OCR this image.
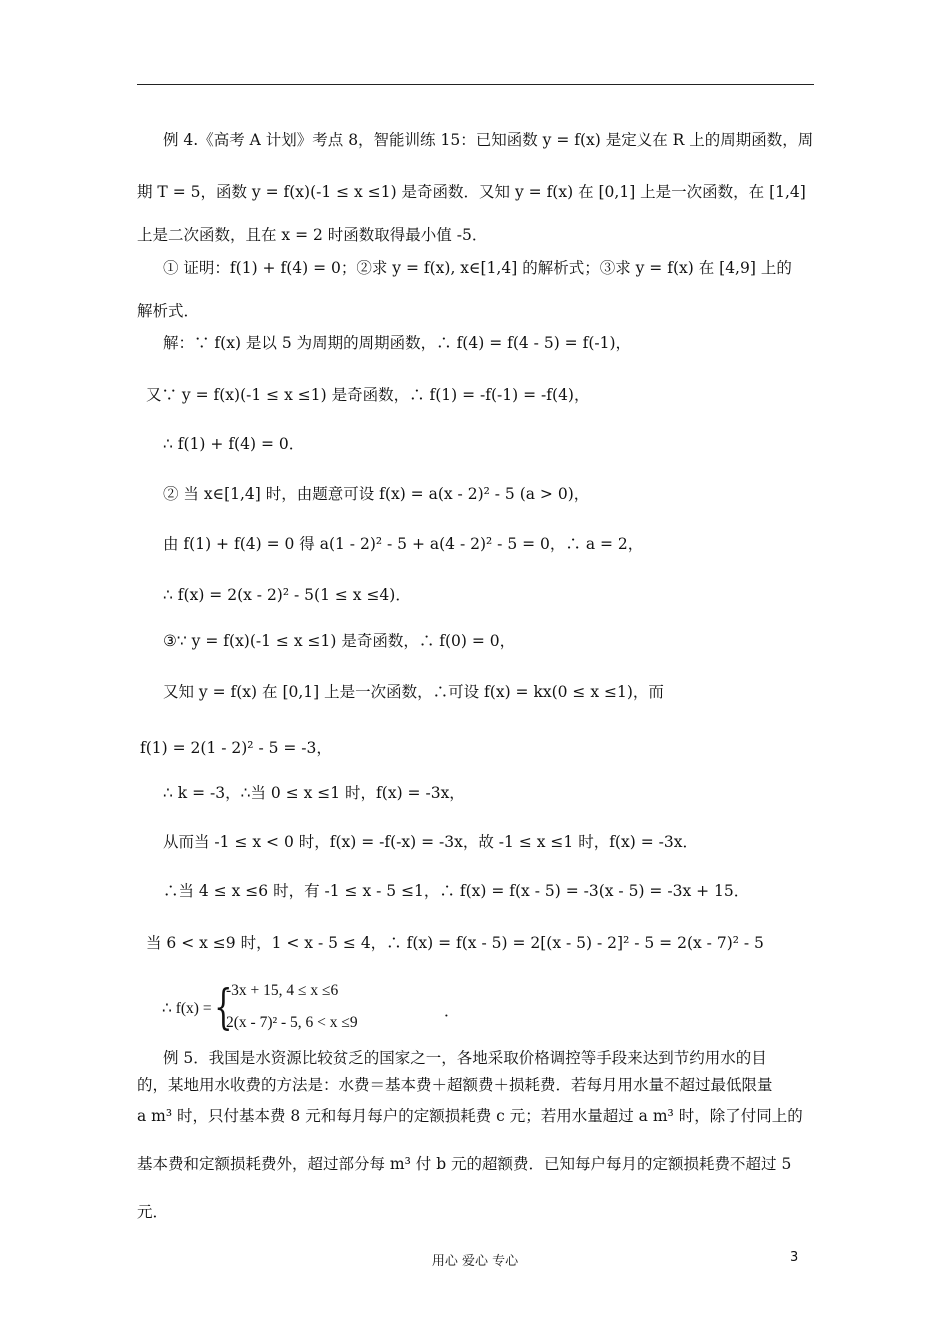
例 4.《高考 A 计划》考点 8，智能训练 15：已知函数 y = f(x) 是定义在 R 上的周期函数，周
期 T = 5，函数 y = f(x)(-1 ≤ x ≤1) 是奇函数．又知 y = f(x) 在 [0,1] 上是一次函数，在 [1,4]
上是二次函数，且在 x = 2 时函数取得最小值 -5．
① 证明：f(1) + f(4) = 0；②求 y = f(x), x∈[1,4] 的解析式；③求 y = f(x) 在 [4,9] 上的
解析式．
解：∵ f(x) 是以 5 为周期的周期函数，∴ f(4) = f(4 - 5) = f(-1)，
又∵ y = f(x)(-1 ≤ x ≤1) 是奇函数，∴ f(1) = -f(-1) = -f(4)，
∴ f(1) + f(4) = 0．
② 当 x∈[1,4] 时，由题意可设 f(x) = a(x - 2)² - 5 (a > 0)，
由 f(1) + f(4) = 0 得 a(1 - 2)² - 5 + a(4 - 2)² - 5 = 0，∴ a = 2，
∴ f(x) = 2(x - 2)² - 5(1 ≤ x ≤4)．
③∵ y = f(x)(-1 ≤ x ≤1) 是奇函数，∴ f(0) = 0，
又知 y = f(x) 在 [0,1] 上是一次函数，∴可设 f(x) = kx(0 ≤ x ≤1)，而
f(1) = 2(1 - 2)² - 5 = -3，
∴ k = -3，∴当 0 ≤ x ≤1 时，f(x) = -3x，
从而当 -1 ≤ x < 0 时，f(x) = -f(-x) = -3x，故 -1 ≤ x ≤1 时，f(x) = -3x．
∴当 4 ≤ x ≤6 时，有 -1 ≤ x - 5 ≤1，∴ f(x) = f(x - 5) = -3(x - 5) = -3x + 15．
当 6 < x ≤9 时，1 < x - 5 ≤ 4，∴ f(x) = f(x - 5) = 2[(x - 5) - 2]² - 5 = 2(x - 7)² - 5
∴ f(x) = {
-3x + 15, 4 ≤ x ≤6
2(x - 7)² - 5, 6 < x ≤9
．
例 5．我国是水资源比较贫乏的国家之一，各地采取价格调控等手段来达到节约用水的目
的，某地用水收费的方法是：水费＝基本费＋超额费＋损耗费．若每月用水量不超过最低限量
a m³ 时，只付基本费 8 元和每月每户的定额损耗费 c 元；若用水量超过 a m³ 时，除了付同上的
基本费和定额损耗费外，超过部分每 m³ 付 b 元的超额费．已知每户每月的定额损耗费不超过 5
元．
用心 爱心 专心	3
